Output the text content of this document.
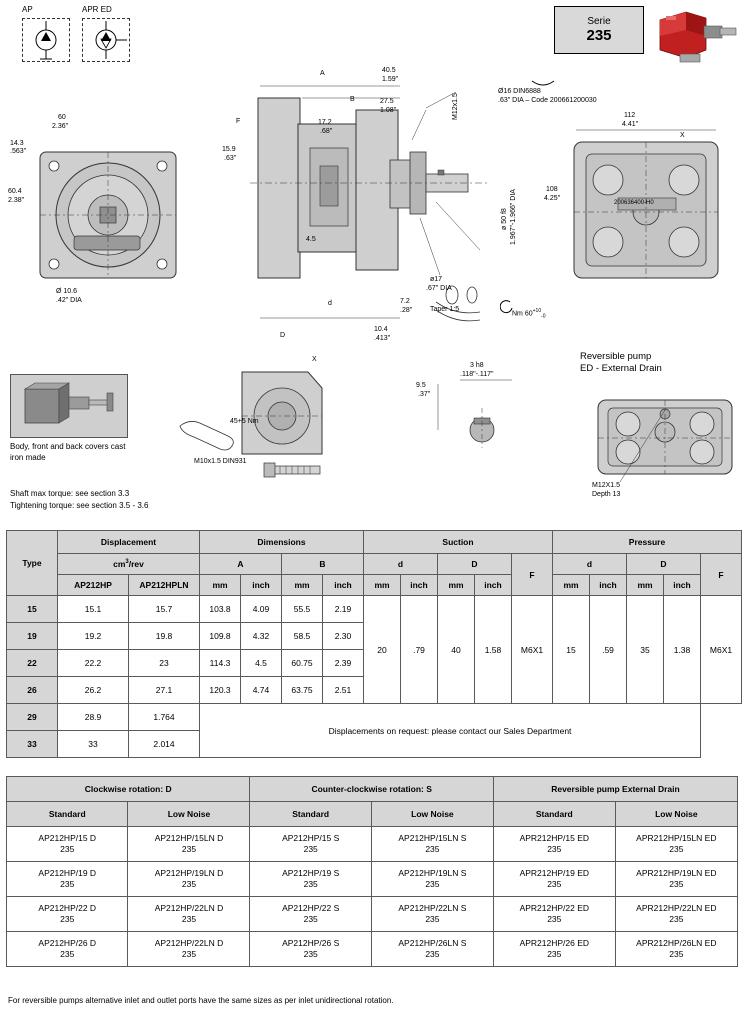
AP	APR ED
Serie
235
60
2.36"
14.3
.563"
60.4
2.38"
Ø 10.6
.42" DIA
A
B
F
15.9
.63"
40.5
1.59"
27.5
1.08"
17.2
.68"
4.5
d
D
7.2
.28"
10.4
.413"
ø17
.67" DIA
Taper 1:5
M12x1.5
ø 50 f8 1.967"-1.966" DIA
Ø16 DIN6888
.63" DIA – Code 200661200030
Nm $60^{+10}_{-0}$
112
4.41"
X
108
4.25"
200636400-H0
Body, front and back covers cast iron made
X
45+5 Nm
M10x1.5 DIN931
9.5
.37"
3 h8
.118"-.117"
Reversible pump
ED - External Drain
M12X1.5
Depth 13
Shaft max torque: see section 3.3
Tightening torque: see section 3.5 - 3.6
Type	Displacement		Dimensions				Suction					Pressure				
	$cm^3$/rev		A		B		d		D		F	d		D		F
	AP212HP	AP212HPLN	mm	inch	mm	inch	mm	inch	mm	inch		mm	inch	mm	inch	
15	15.1	15.7	103.8	4.09	55.5	2.19	20	.79	40	1.58	M6X1	15	.59	35	1.38	M6X1
19	19.2	19.8	109.8	4.32	58.5	2.30										
22	22.2	23	114.3	4.5	60.75	2.39										
26	26.2	27.1	120.3	4.74	63.75	2.51										
29	28.9	1.764	Displacements on request: please contact our Sales Department													
33	33	2.014														
Clockwise rotation: D		Counter-clockwise rotation: S		Reversible pump External Drain	
Standard	Low Noise	Standard	Low Noise	Standard	Low Noise
AP212HP/15 D
235	AP212HP/15LN D
235	AP212HP/15 S
235	AP212HP/15LN S
235	APR212HP/15 ED
235	APR212HP/15LN ED
235
AP212HP/19 D
235	AP212HP/19LN D
235	AP212HP/19 S
235	AP212HP/19LN S
235	APR212HP/19 ED
235	APR212HP/19LN ED
235
AP212HP/22 D
235	AP212HP/22LN D
235	AP212HP/22 S
235	AP212HP/22LN S
235	APR212HP/22 ED
235	APR212HP/22LN ED
235
AP212HP/26 D
235	AP212HP/22LN D
235	AP212HP/26 S
235	AP212HP/26LN S
235	APR212HP/26 ED
235	APR212HP/26LN ED
235
For reversible pumps alternative inlet and outlet ports have the same sizes as per inlet unidirectional rotation.
